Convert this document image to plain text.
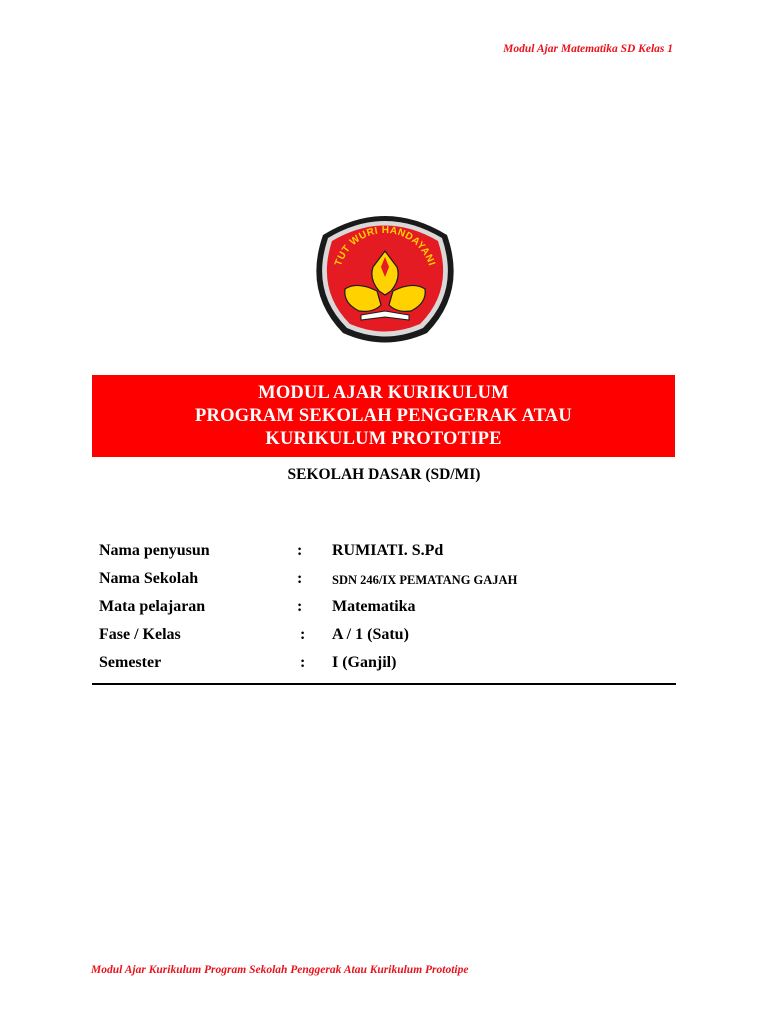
Modul Ajar Matematika SD Kelas 1
TUT WURI HANDAYANI
MODUL AJAR KURIKULUM
PROGRAM SEKOLAH PENGGERAK ATAU
KURIKULUM PROTOTIPE
SEKOLAH DASAR (SD/MI)
Nama penyusun	: RUMIATI. S.Pd
Nama Sekolah	: SDN 246/IX PEMATANG GAJAH
Mata pelajaran	: Matematika
Fase / Kelas	: A / 1 (Satu)
Semester	: I (Ganjil)
Modul Ajar Kurikulum Program Sekolah Penggerak Atau Kurikulum Prototipe
